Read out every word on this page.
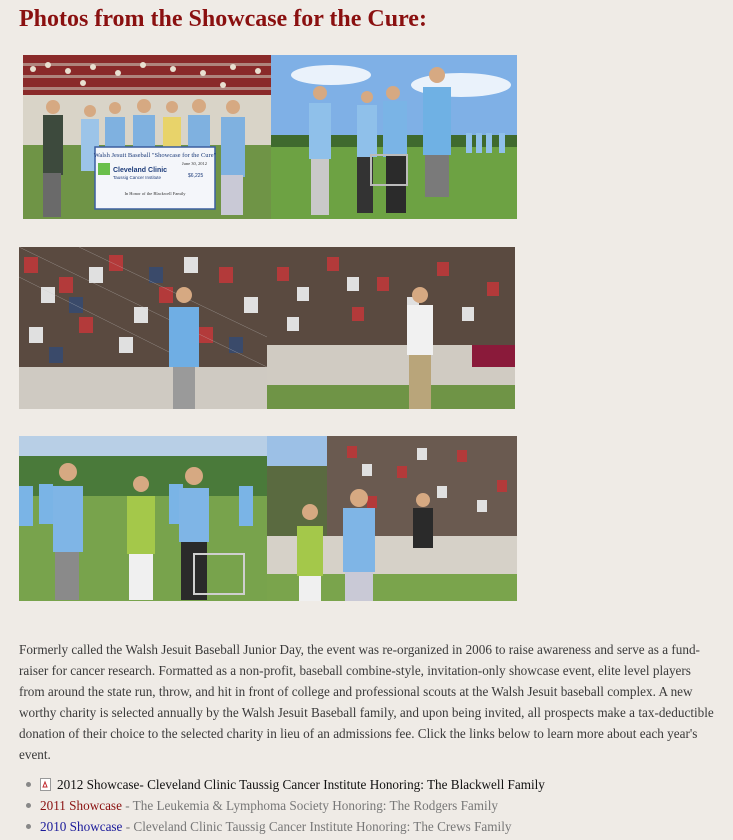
Photos from the Showcase for the Cure:
Walsh Jesuit Baseball "Showcase for the Cure"
June 30, 2012
Cleveland Clinic
Taussig Cancer Institute	$6,225
In Honor of the Blackwell Family

Formerly called the Walsh Jesuit Baseball Junior Day, the event was re-organized in 2006 to raise awareness and serve as a fund-raiser for cancer research. Formatted as a non-profit, baseball combine-style, invitation-only showcase event, elite level players from around the state run, throw, and hit in front of college and professional scouts at the Walsh Jesuit baseball complex. A new worthy charity is selected annually by the Walsh Jesuit Baseball family, and upon being invited, all prospects make a tax-deductible donation of their choice to the selected charity in lieu of an admissions fee. Click the links below to learn more about each year's event.

2012 Showcase- Cleveland Clinic Taussig Cancer Institute Honoring: The Blackwell Family
2011 Showcase - The Leukemia & Lymphoma Society Honoring: The Rodgers Family
2010 Showcase - Cleveland Clinic Taussig Cancer Institute Honoring: The Crews Family
